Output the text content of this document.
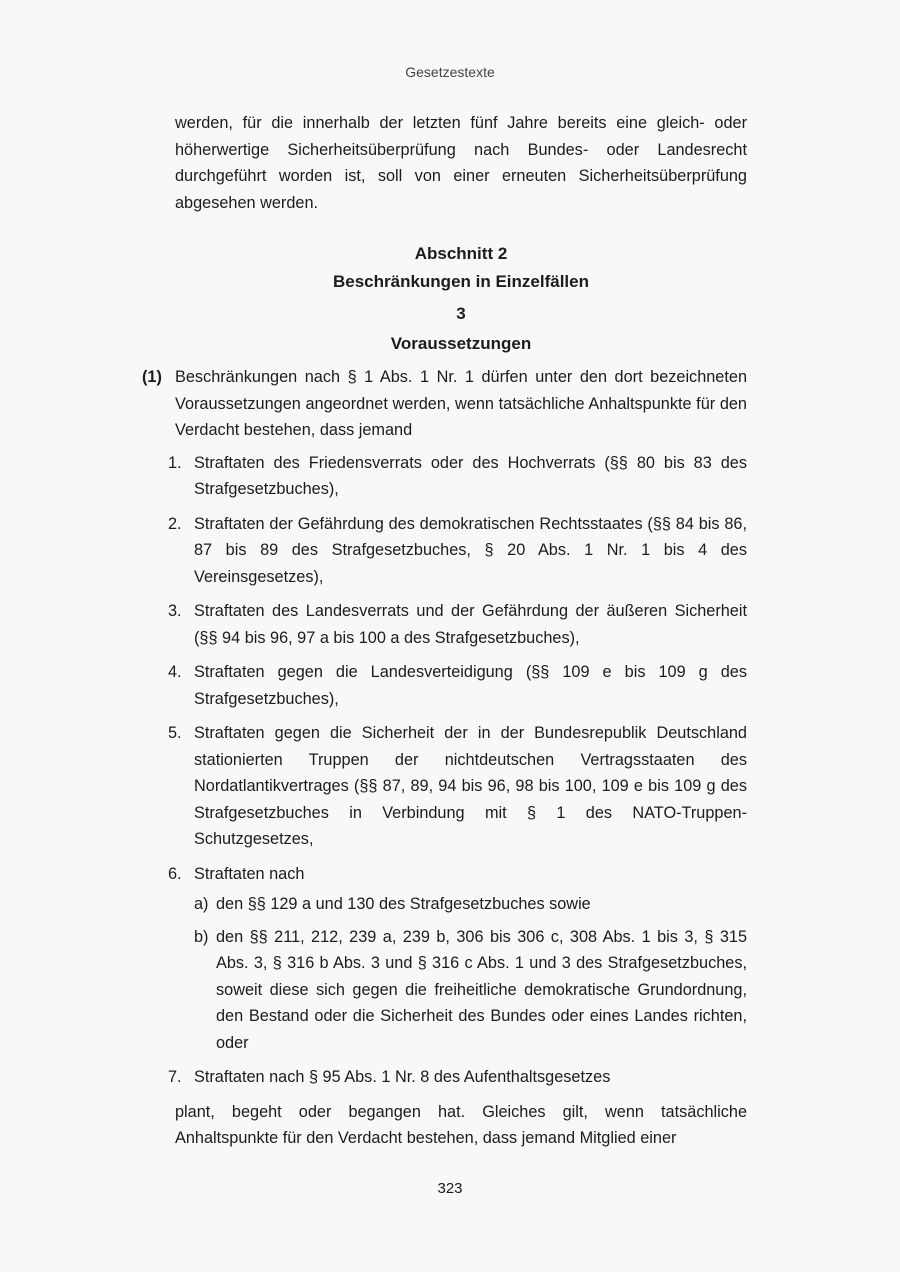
Gesetzestexte

werden, für die innerhalb der letzten fünf Jahre bereits eine gleich- oder höherwertige Sicherheitsüberprüfung nach Bundes- oder Landesrecht durchgeführt worden ist, soll von einer erneuten Sicherheitsüberprüfung abgesehen werden.

Abschnitt 2
Beschränkungen in Einzelfällen
3
Voraussetzungen
(1) Beschränkungen nach § 1 Abs. 1 Nr. 1 dürfen unter den dort bezeichneten Voraussetzungen angeordnet werden, wenn tatsächliche Anhaltspunkte für den Verdacht bestehen, dass jemand

1. Straftaten des Friedensverrats oder des Hochverrats (§§ 80 bis 83 des Strafgesetzbuches),
2. Straftaten der Gefährdung des demokratischen Rechtsstaates (§§ 84 bis 86, 87 bis 89 des Strafgesetzbuches, § 20 Abs. 1 Nr. 1 bis 4 des Vereinsgesetzes),
3. Straftaten des Landesverrats und der Gefährdung der äußeren Sicherheit (§§ 94 bis 96, 97 a bis 100 a des Strafgesetzbuches),
4. Straftaten gegen die Landesverteidigung (§§ 109 e bis 109 g des Strafgesetzbuches),
5. Straftaten gegen die Sicherheit der in der Bundesrepublik Deutschland stationierten Truppen der nichtdeutschen Vertragsstaaten des Nordatlantikvertrages (§§ 87, 89, 94 bis 96, 98 bis 100, 109 e bis 109 g des Strafgesetzbuches in Verbindung mit § 1 des NATO-Truppen-Schutzgesetzes,
6. Straftaten nach
a) den §§ 129 a und 130 des Strafgesetzbuches sowie
b) den §§ 211, 212, 239 a, 239 b, 306 bis 306 c, 308 Abs. 1 bis 3, § 315 Abs. 3, § 316 b Abs. 3 und § 316 c Abs. 1 und 3 des Strafgesetzbuches, soweit diese sich gegen die freiheitliche demokratische Grundordnung, den Bestand oder die Sicherheit des Bundes oder eines Landes richten, oder
7. Straftaten nach § 95 Abs. 1 Nr. 8 des Aufenthaltsgesetzes

plant, begeht oder begangen hat. Gleiches gilt, wenn tatsächliche Anhaltspunkte für den Verdacht bestehen, dass jemand Mitglied einer

323
